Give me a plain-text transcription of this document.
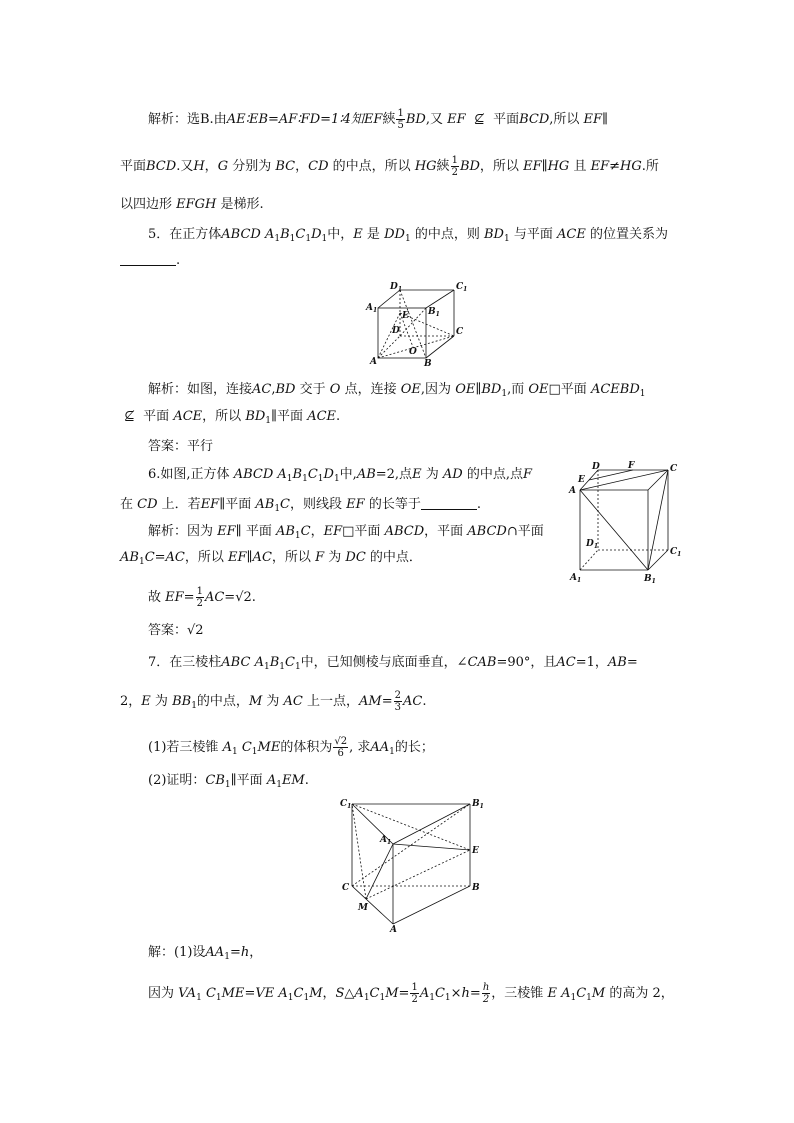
解析：选B.由AE∶EB=AF∶FD=1∶4知EF綊 $\frac{1}{5}$ BD,又 EF ⊈ 平面BCD,所以 EF∥
平面BCD.又H，G 分别为 BC，CD 的中点，所以 HG綊 $\frac{1}{2}$ BD，所以 EF∥HG 且 EF≠HG.所
以四边形 EFGH 是梯形.
5．在正方体ABCD $A_1B_1C_1D_1$中，E 是 $DD_1$ 的中点，则 $BD_1$ 与平面 ACE 的位置关系为
.
$D_1$	$C_1$
$A_1$	$B_1$
E
D	C
O
A	B
解析：如图，连接AC,BD 交于 O 点，连接 OE,因为 $OE\parallel BD_1$,而 OE□平面 $ACEBD_1$
⊈ 平面 ACE，所以 $BD_1\parallel$平面 ACE.
答案：平行
6.如图,正方体 ABCD $A_1B_1C_1D_1$中,AB=2,点E 为 AD 的中点,点F
在 CD 上．若EF∥平面 $AB_1C$，则线段 EF 的长等于	.
解析：因为 EF∥ 平面 $AB_1C$，EF□平面 ABCD，平面 ABCD∩平面
$AB_1C=AC$，所以 EF∥AC，所以 F 为 DC 的中点．
故 $EF= \frac{1}{2} AC=√2$.
答案：√2
D	F	C
E
A
$D_1$
$C_1$
$A_1$	$B_1$
7．在三棱柱ABC $A_1B_1C_1$中，已知侧棱与底面垂直，∠CAB=90°，且AC=1，AB=
2，E 为 $BB_1$的中点，M 为 AC 上一点，$AM= \frac{2}{3}$ AC.
(1)若三棱锥 $A_1$ $C_1ME$的体积为 $\frac{√2}{6}$ , 求$AA_1$的长；
(2)证明：$CB_1\parallel$平面 $A_1EM$.
$C_1$	$B_1$
$A_1$
E
C	B
M
A
解：(1)设$AA_1=h$，
因为 $VA_1$ $C_1ME=VE$ $A_1C_1M$，$S\triangle A_1C_1M= \frac{1}{2} A_1C_1\times h= \frac{h}{2}$ ，三棱锥 E $A_1C_1M$ 的高为 2，
